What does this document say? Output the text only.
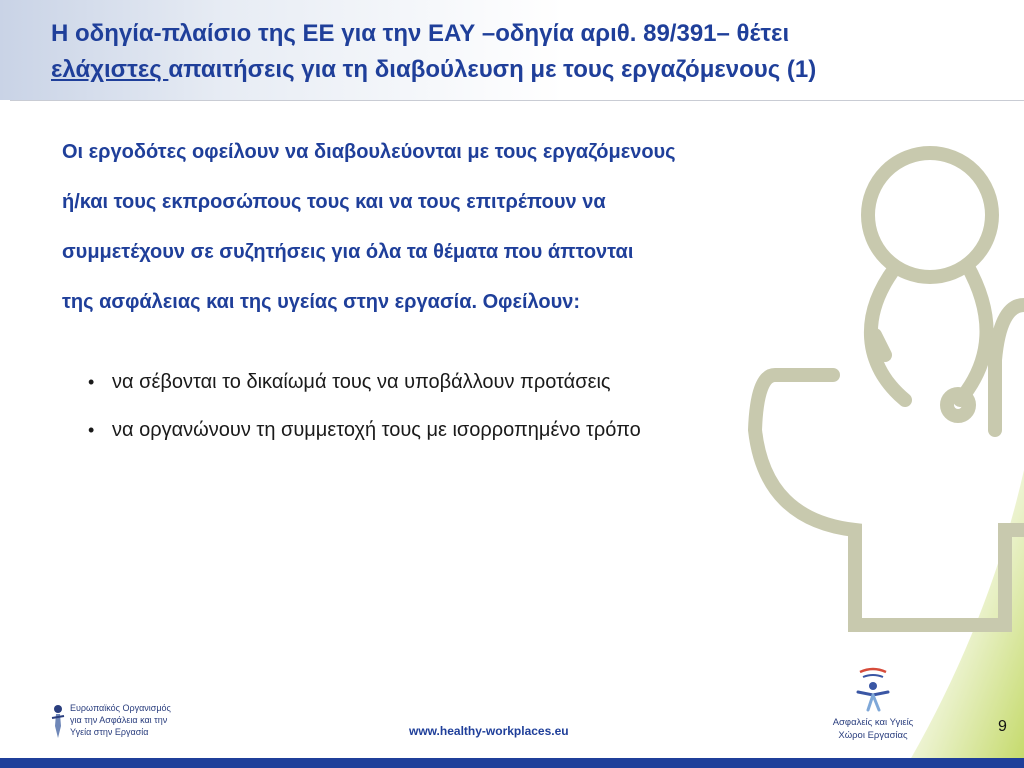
Η οδηγία-πλαίσιο της ΕΕ για την ΕΑΥ –οδηγία αριθ. 89/391– θέτει
ελάχιστες απαιτήσεις για τη διαβούλευση με τους εργαζόμενους (1)
Οι εργοδότες οφείλουν να διαβουλεύονται με τους εργαζόμενους
ή/και τους εκπροσώπους τους και να τους επιτρέπουν να
συμμετέχουν σε συζητήσεις για όλα τα θέματα που άπτονται
της ασφάλειας και της υγείας στην εργασία. Οφείλουν:
• να σέβονται το δικαίωμά τους να υποβάλλουν προτάσεις
• να οργανώνουν τη συμμετοχή τους με ισορροπημένο τρόπο
Ευρωπαϊκός Οργανισμός
για την Ασφάλεια και την
Υγεία στην Εργασία	www.healthy-workplaces.eu
Ασφαλείς και Υγιείς
Χώροι Εργασίας
9
